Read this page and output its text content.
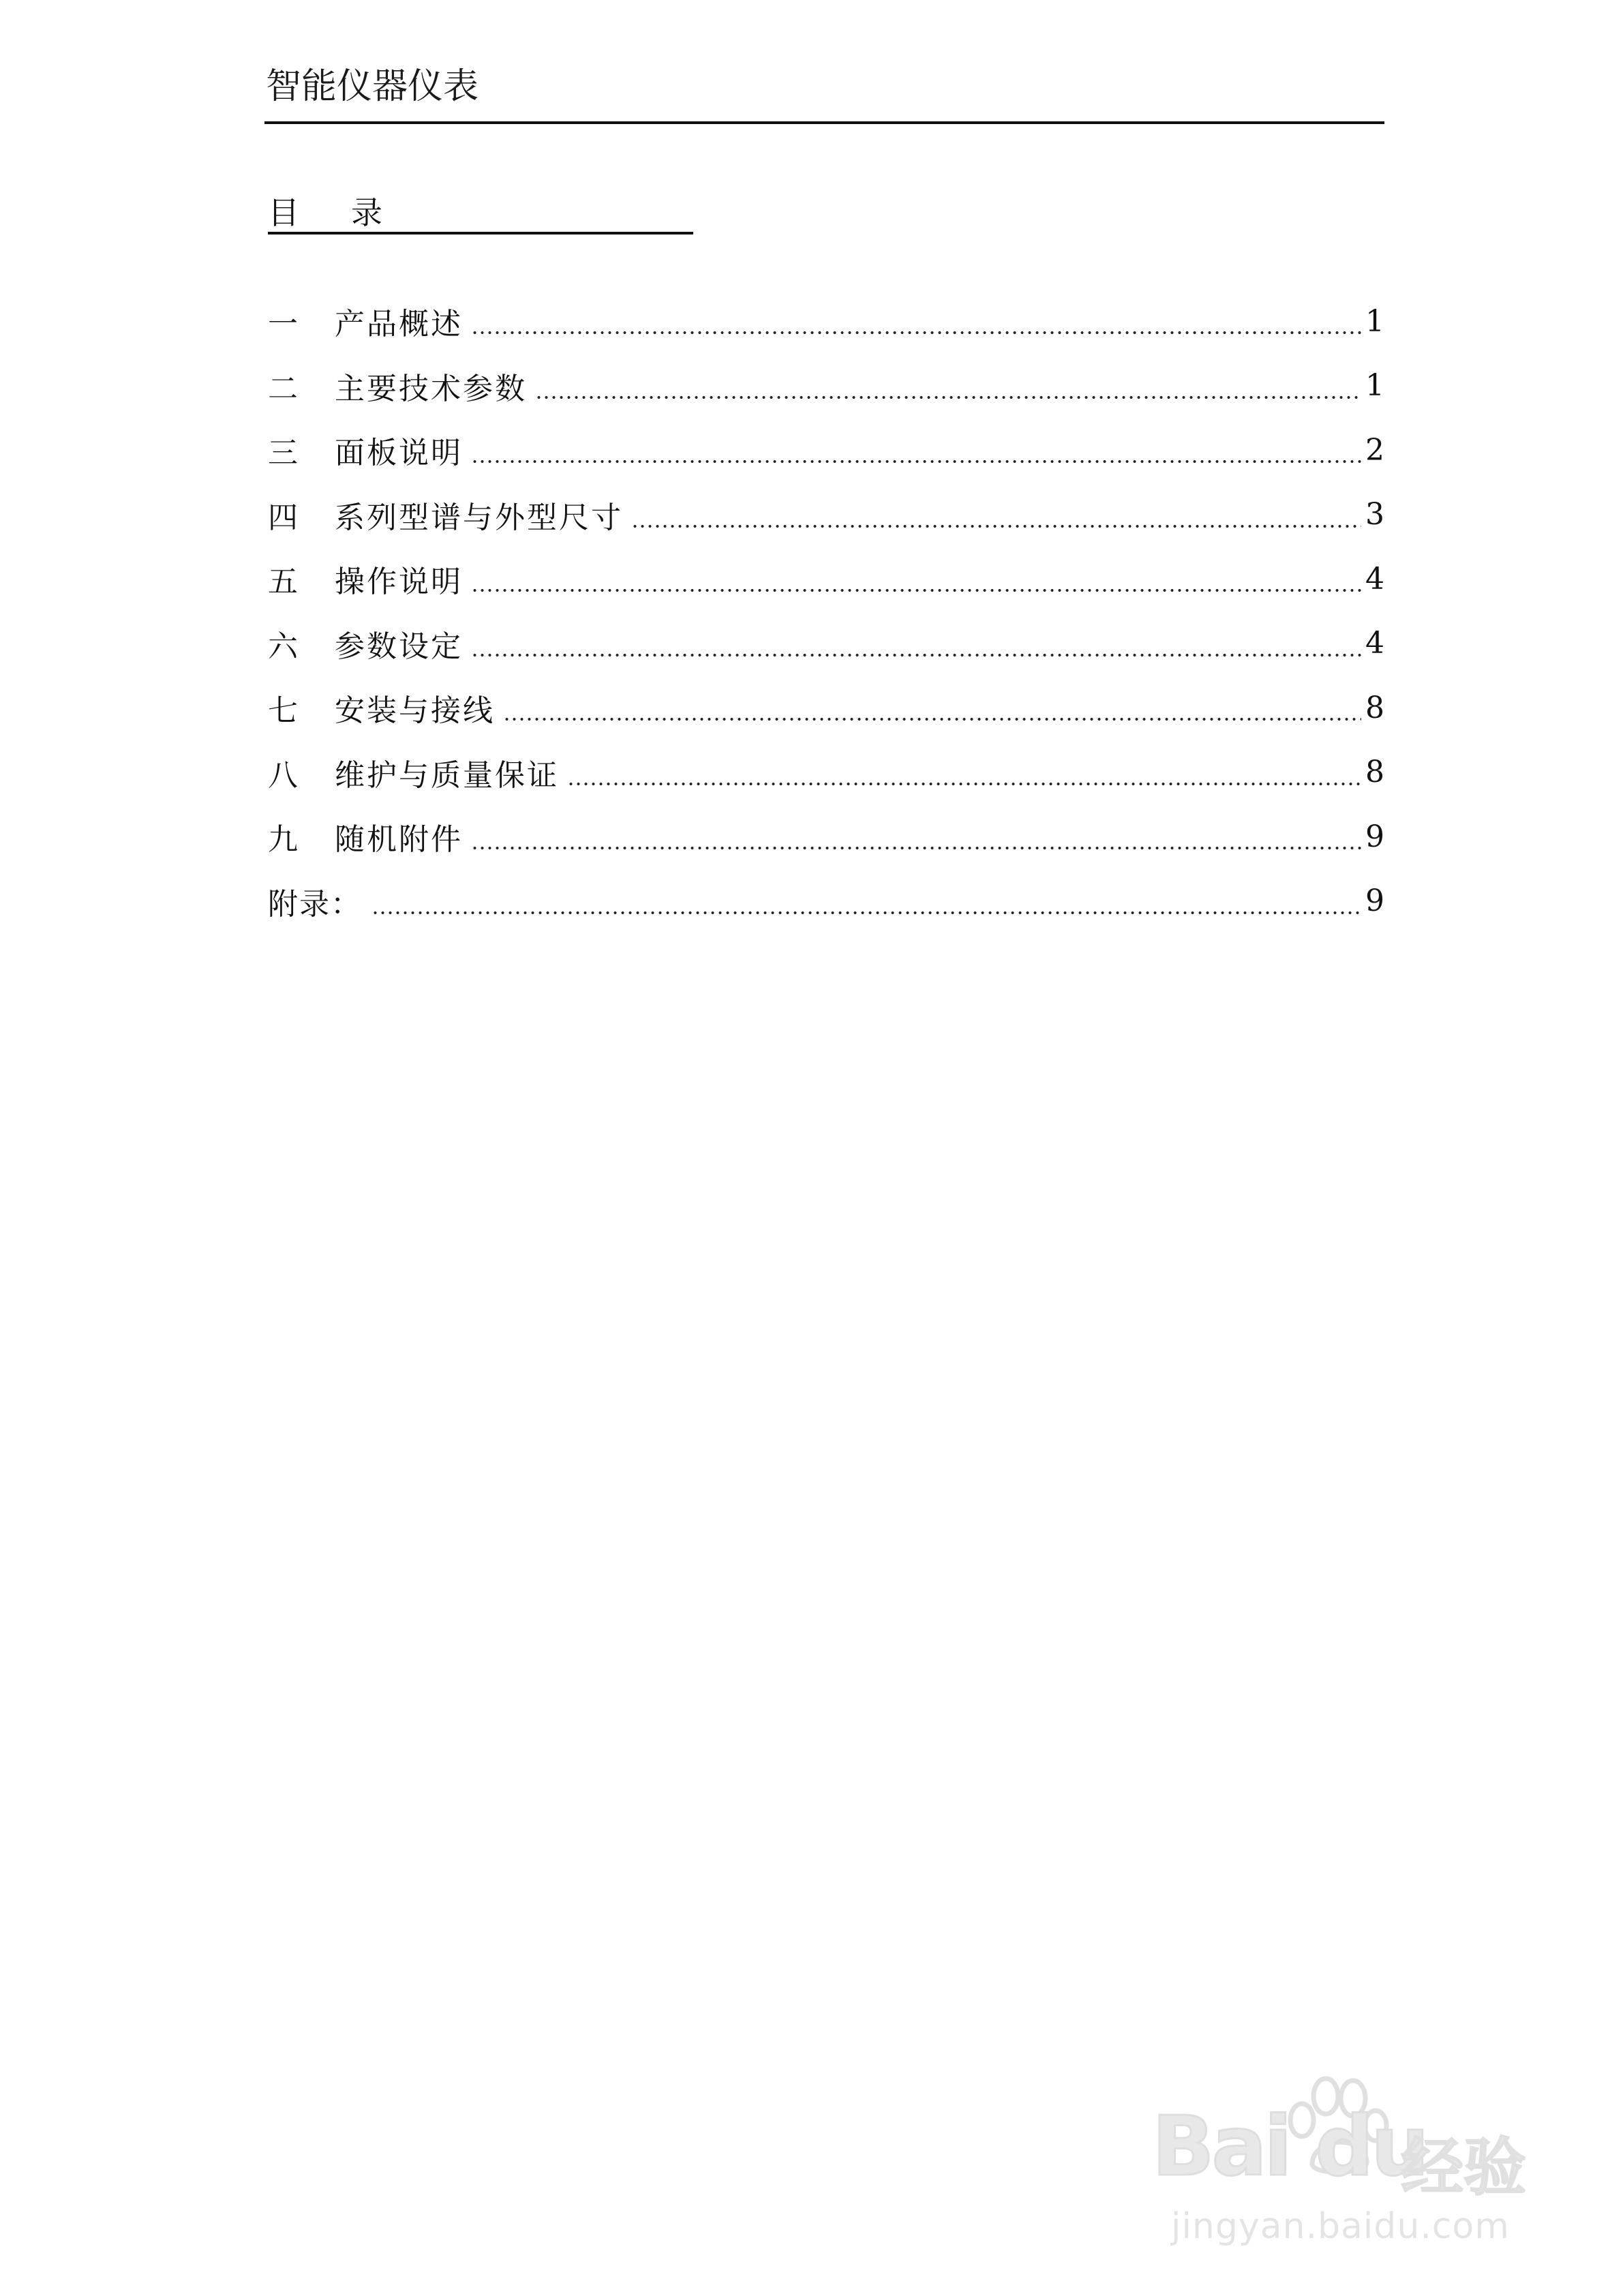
智能仪器仪表
目录
一	产品概述	1
二	主要技术参数	1
三	面板说明	2
四	系列型谱与外型尺寸	3
五	操作说明	4
六	参数设定	4
七	安装与接线	8
八	维护与质量保证	8
九	随机附件	9
附录：	9
Bai du
经验
jingyan.baidu.com
